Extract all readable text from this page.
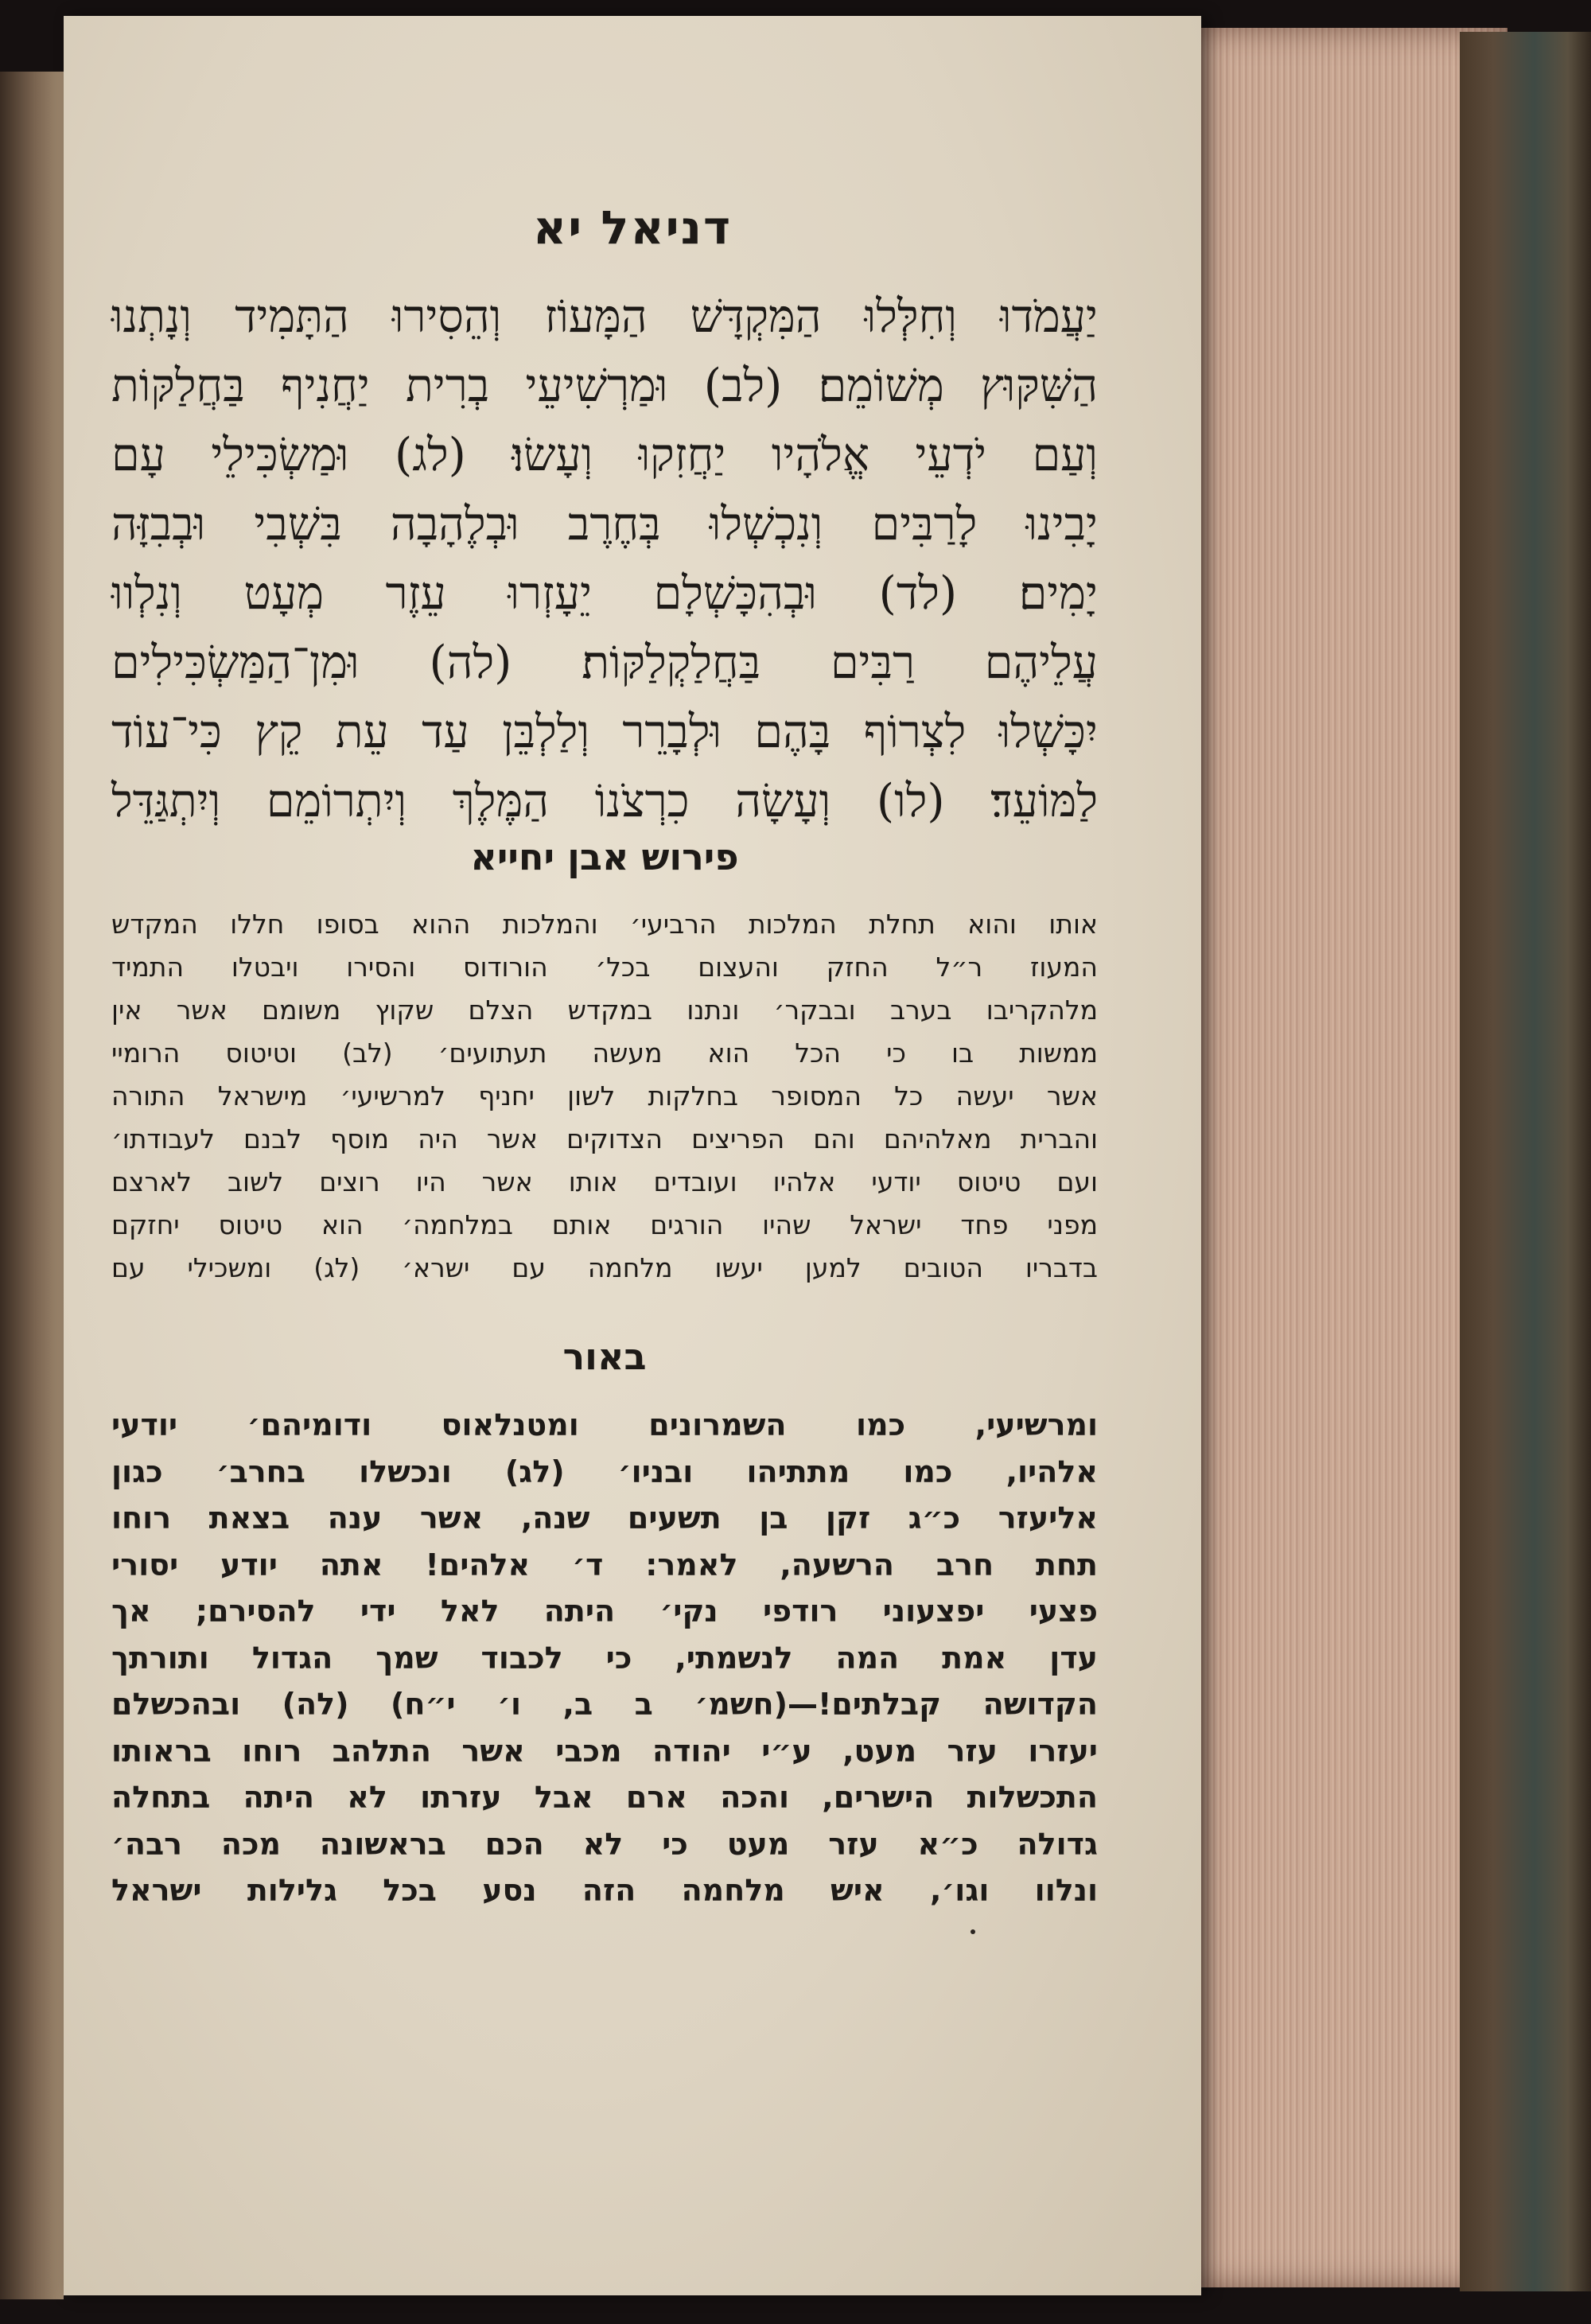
דניאל יא

יַעֲמֹדוּ וְחִלְּלוּ הַמִּקְדָּשׁ הַמָּעוֹז וְהֵסִירוּ הַתָּמִיד וְנָתְנוּ

הַשִּׁקּוּץ מְשׁוֹמֵם׃ (לב) וּמַרְשִׁיעֵי בְרִית יַחֲנִיף בַּחֲלַקּוֹת

וְעַם יֹדְעֵי אֱלֹהָיו יַחֲזִקוּ וְעָשׂוּ׃ (לג) וּמַשְׂכִּילֵי עָם

יָבִינוּ לָרַבִּים וְנִכְשְׁלוּ בְּחֶרֶב וּבְלֶהָבָה בִּשְׁבִי וּבְבִזָּה

יָמִים׃ (לד) וּבְהִכָּשְׁלָם יֵעָזְרוּ עֵזֶר מְעָט וְנִלְווּ

עֲלֵיהֶם רַבִּים בַּחֲלַקְלַקּוֹת׃ (לה) וּמִן־הַמַּשְׂכִּילִים

יִכָּשְׁלוּ לִצְרוֹף בָּהֶם וּלְבָרֵר וְלַלְבֵּן עַד עֵת קֵץ כִּי־עוֹד

לַמּוֹעֵד׃ (לו) וְעָשָׂה כִרְצֹנוֹ הַמֶּלֶךְ וְיִתְרוֹמֵם וְיִתְגַּדֵּל

פירוש אבן יחייא

אותו והוא תחלת המלכות הרביעי׳ והמלכות ההוא בסופו חללו המקדש

המעוז ר״ל החזק והעצום בכל׳ הורודוס והסירו ויבטלו התמיד

מלהקריבו בערב ובבקר׳ ונתנו במקדש הצלם שקוץ משומם אשר אין

ממשות בו כי הכל הוא מעשה תעתועים׳ (לב) וטיטוס הרומיי

אשר יעשה כל המסופר בחלקות לשון יחניף למרשיעי׳ מישראל התורה

והברית מאלהיהם והם הפריצים הצדוקים אשר היה מוסף לבנם לעבודתו׳

ועם טיטוס יודעי אלהיו ועובדים אותו אשר היו רוצים לשוב לארצם

מפני פחד ישראל שהיו הורגים אותם במלחמה׳ הוא טיטוס יחזקם

בדבריו הטובים למען יעשו מלחמה עם ישרא׳ (לג) ומשכילי עם

באור

ומרשיעי, כמו השמרונים ומטנלאוס ודומיהם׳ יודעי

אלהיו, כמו מתתיהו ובניו׳ (לג) ונכשלו בחרב׳ כגון

אליעזר כ״ג זקן בן תשעים שנה, אשר ענה בצאת רוחו

תחת חרב הרשעה, לאמר: ד׳ אלהים! אתה יודע יסורי

פצעי יפצעוני רודפי נקי׳ היתה לאל ידי להסירם; אך

עדן אמת המה לנשמתי, כי לכבוד שמך הגדול ותורתך

הקדושה קבלתים!—(חשמ׳ ב ב, ו׳ י״ח) (לה) ובהכשלם

יעזרו עזר מעט, ע״י יהודה מכבי אשר התלהב רוחו בראותו

התכשלות הישרים, והכה ארם אבל עזרתו לא היתה בתחלה

גדולה כ״א עזר מעט כי לא הכם בראשונה מכה רבה׳

ונלוו וגו׳, איש מלחמה הזה נסע בכל גלילות ישראל
